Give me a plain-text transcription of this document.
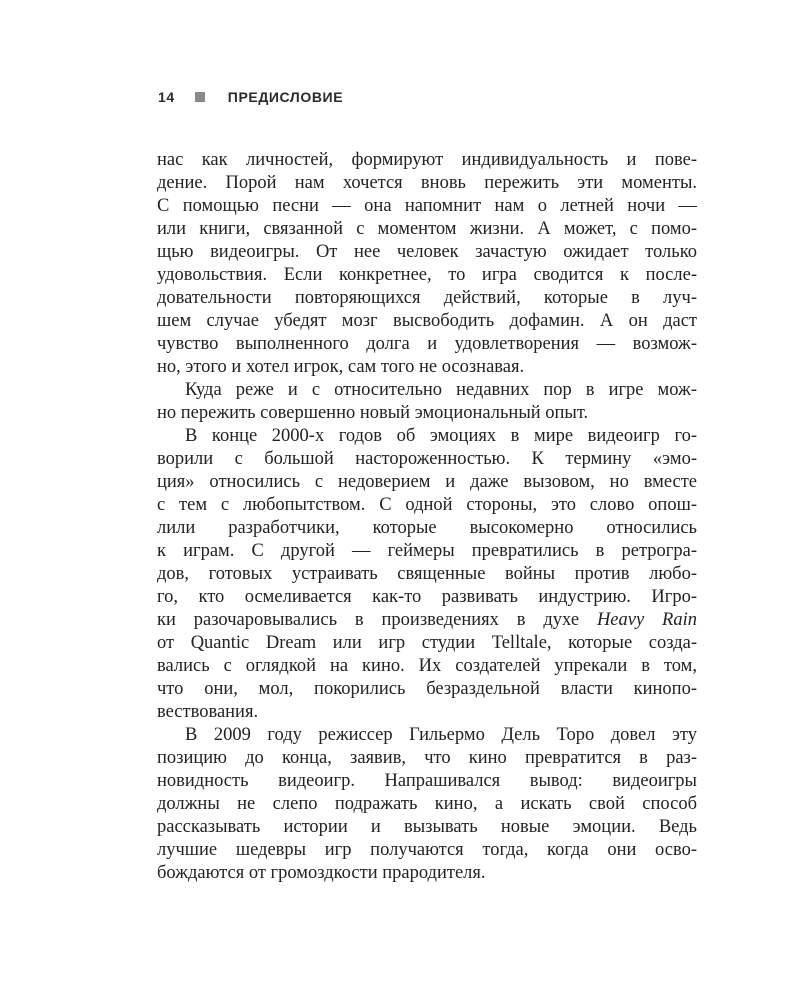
14	ПРЕДИСЛОВИЕ
нас как личностей, формируют индивидуальность и пове-
дение. Порой нам хочется вновь пережить эти моменты.
С помощью песни — она напомнит нам о летней ночи —
или книги, связанной с моментом жизни. А может, с помо-
щью видеоигры. От нее человек зачастую ожидает только
удовольствия. Если конкретнее, то игра сводится к после-
довательности повторяющихся действий, которые в луч-
шем случае убедят мозг высвободить дофамин. А он даст
чувство выполненного долга и удовлетворения — возмож-
но, этого и хотел игрок, сам того не осознавая.
Куда реже и с относительно недавних пор в игре мож-
но пережить совершенно новый эмоциональный опыт.
В конце 2000-х годов об эмоциях в мире видеоигр го-
ворили с большой настороженностью. К термину «эмо-
ция» относились с недоверием и даже вызовом, но вместе
с тем с любопытством. С одной стороны, это слово опош-
лили разработчики, которые высокомерно относились
к играм. С другой — геймеры превратились в ретрогра-
дов, готовых устраивать священные войны против любо-
го, кто осмеливается как-то развивать индустрию. Игро-
ки разочаровывались в произведениях в духе Heavy Rain
от Quantic Dream или игр студии Telltale, которые созда-
вались с оглядкой на кино. Их создателей упрекали в том,
что они, мол, покорились безраздельной власти кинопо-
вествования.
В 2009 году режиссер Гильермо Дель Торо довел эту
позицию до конца, заявив, что кино превратится в раз-
новидность видеоигр. Напрашивался вывод: видеоигры
должны не слепо подражать кино, а искать свой способ
рассказывать истории и вызывать новые эмоции. Ведь
лучшие шедевры игр получаются тогда, когда они осво-
бождаются от громоздкости прародителя.
